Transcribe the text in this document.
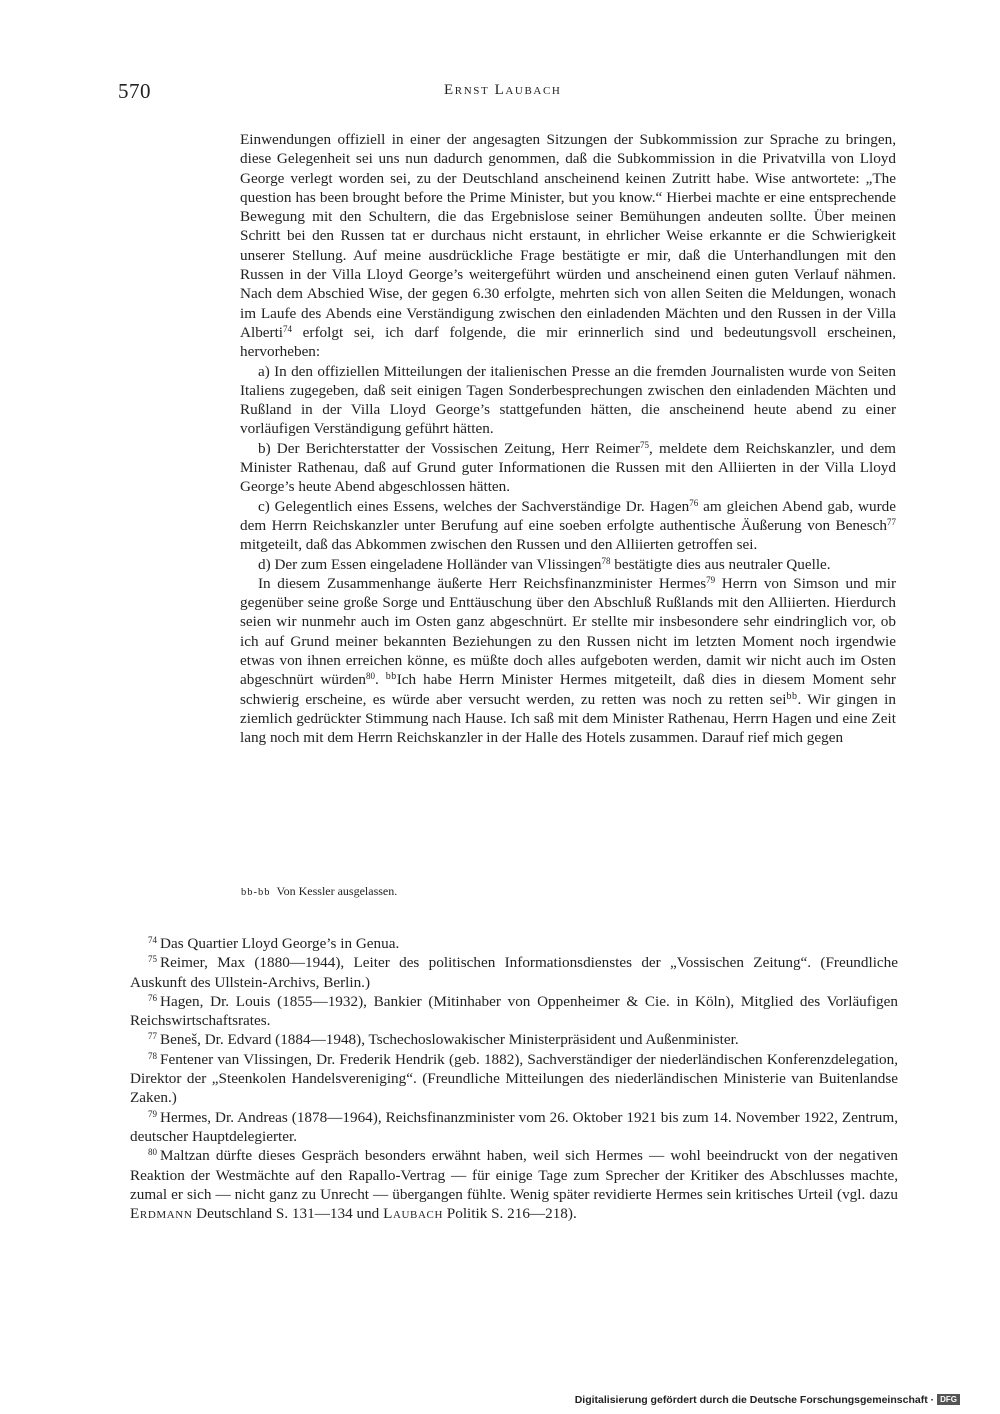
570	Ernst Laubach

Einwendungen offiziell in einer der angesagten Sitzungen der Subkommission zur Sprache zu bringen, diese Gelegenheit sei uns nun dadurch genommen, daß die Subkommission in die Privatvilla von Lloyd George verlegt worden sei, zu der Deutschland anscheinend keinen Zutritt habe. Wise antwortete: „The question has been brought before the Prime Minister, but you know.“ Hierbei machte er eine entsprechende Bewegung mit den Schultern, die das Ergebnislose seiner Bemühungen andeuten sollte. Über meinen Schritt bei den Russen tat er durchaus nicht erstaunt, in ehrlicher Weise erkannte er die Schwierigkeit unserer Stellung. Auf meine ausdrückliche Frage bestätigte er mir, daß die Unterhandlungen mit den Russen in der Villa Lloyd George’s weitergeführt würden und anscheinend einen guten Verlauf nähmen. Nach dem Abschied Wise, der gegen 6.30 erfolgte, mehrten sich von allen Seiten die Meldungen, wonach im Laufe des Abends eine Verständigung zwischen den einladenden Mächten und den Russen in der Villa Alberti$^{74}$ erfolgt sei, ich darf folgende, die mir erinnerlich sind und bedeutungsvoll erscheinen, hervorheben:

a) In den offiziellen Mitteilungen der italienischen Presse an die fremden Journalisten wurde von Seiten Italiens zugegeben, daß seit einigen Tagen Sonderbesprechungen zwischen den einladenden Mächten und Rußland in der Villa Lloyd George’s stattgefunden hätten, die anscheinend heute abend zu einer vorläufigen Verständigung geführt hätten.

b) Der Berichterstatter der Vossischen Zeitung, Herr Reimer$^{75}$, meldete dem Reichskanzler, und dem Minister Rathenau, daß auf Grund guter Informationen die Russen mit den Alliierten in der Villa Lloyd George’s heute Abend abgeschlossen hätten.

c) Gelegentlich eines Essens, welches der Sachverständige Dr. Hagen$^{76}$ am gleichen Abend gab, wurde dem Herrn Reichskanzler unter Berufung auf eine soeben erfolgte authentische Äußerung von Benesch$^{77}$ mitgeteilt, daß das Abkommen zwischen den Russen und den Alliierten getroffen sei.

d) Der zum Essen eingeladene Holländer van Vlissingen$^{78}$ bestätigte dies aus neutraler Quelle.

In diesem Zusammenhange äußerte Herr Reichsfinanzminister Hermes$^{79}$ Herrn von Simson und mir gegenüber seine große Sorge und Enttäuschung über den Abschluß Rußlands mit den Alliierten. Hierdurch seien wir nunmehr auch im Osten ganz abgeschnürt. Er stellte mir insbesondere sehr eindringlich vor, ob ich auf Grund meiner bekannten Beziehungen zu den Russen nicht im letzten Moment noch irgendwie etwas von ihnen erreichen könne, es müßte doch alles aufgeboten werden, damit wir nicht auch im Osten abgeschnürt würden$^{80}$. $^{bb}$Ich habe Herrn Minister Hermes mitgeteilt, daß dies in diesem Moment sehr schwierig erscheine, es würde aber versucht werden, zu retten was noch zu retten sei$^{bb}$. Wir gingen in ziemlich gedrückter Stimmung nach Hause. Ich saß mit dem Minister Rathenau, Herrn Hagen und eine Zeit lang noch mit dem Herrn Reichskanzler in der Halle des Hotels zusammen. Darauf rief mich gegen

bb-bb Von Kessler ausgelassen.

$^{74}$ Das Quartier Lloyd George’s in Genua.

$^{75}$ Reimer, Max (1880—1944), Leiter des politischen Informationsdienstes der „Vossischen Zeitung“. (Freundliche Auskunft des Ullstein-Archivs, Berlin.)

$^{76}$ Hagen, Dr. Louis (1855—1932), Bankier (Mitinhaber von Oppenheimer & Cie. in Köln), Mitglied des Vorläufigen Reichswirtschaftsrates.

$^{77}$ Beneš, Dr. Edvard (1884—1948), Tschechoslowakischer Ministerpräsident und Außenminister.

$^{78}$ Fentener van Vlissingen, Dr. Frederik Hendrik (geb. 1882), Sachverständiger der niederländischen Konferenzdelegation, Direktor der „Steenkolen Handelsvereniging“. (Freundliche Mitteilungen des niederländischen Ministerie van Buitenlandse Zaken.)

$^{79}$ Hermes, Dr. Andreas (1878—1964), Reichsfinanzminister vom 26. Oktober 1921 bis zum 14. November 1922, Zentrum, deutscher Hauptdelegierter.

$^{80}$ Maltzan dürfte dieses Gespräch besonders erwähnt haben, weil sich Hermes — wohl beeindruckt von der negativen Reaktion der Westmächte auf den Rapallo-Vertrag — für einige Tage zum Sprecher der Kritiker des Abschlusses machte, zumal er sich — nicht ganz zu Unrecht — übergangen fühlte. Wenig später revidierte Hermes sein kritisches Urteil (vgl. dazu Erdmann Deutschland S. 131—134 und Laubach Politik S. 216—218).

Digitalisierung gefördert durch die Deutsche Forschungsgemeinschaft · DFG
